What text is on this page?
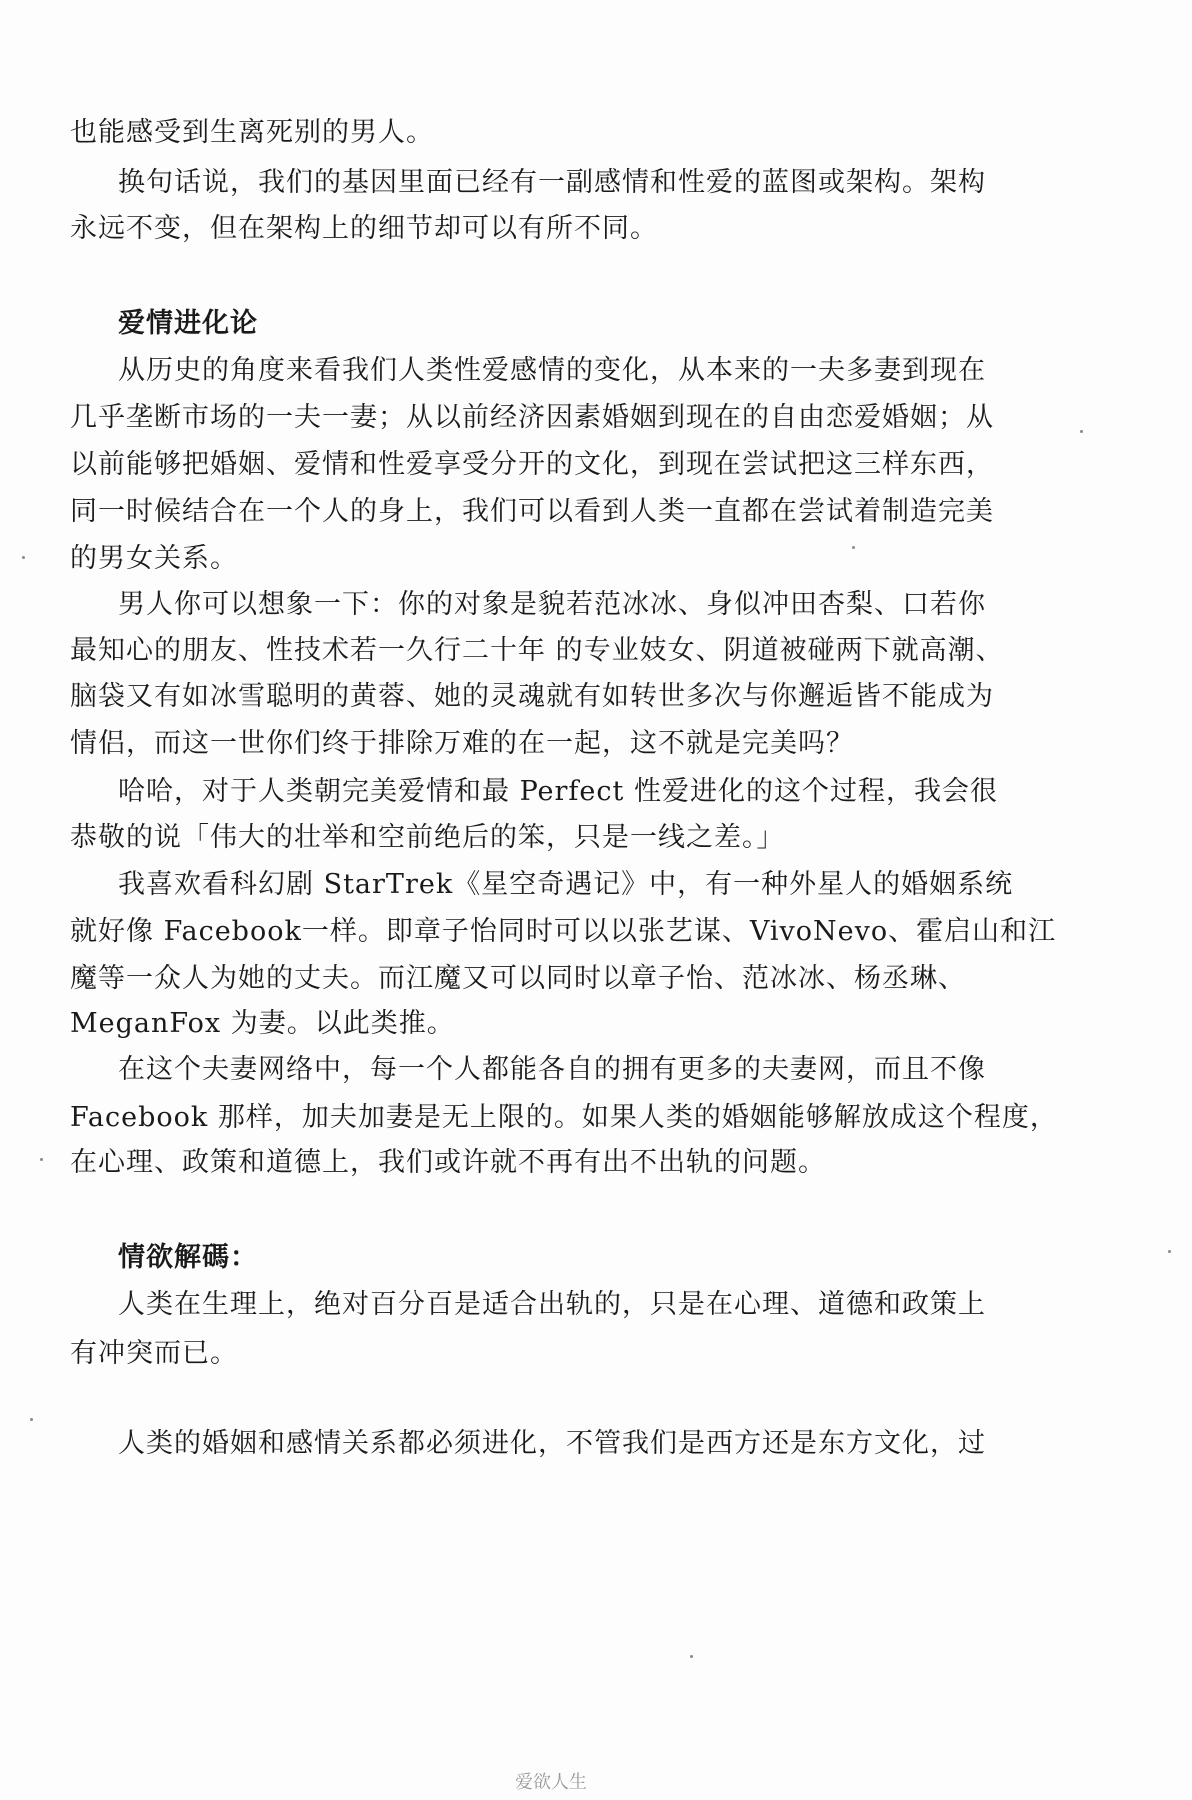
也能感受到生离死别的男人。
换句话说，我们的基因里面已经有一副感情和性爱的蓝图或架构。架构
永远不变，但在架构上的细节却可以有所不同。
爱情进化论
从历史的角度来看我们人类性爱感情的变化，从本来的一夫多妻到现在
几乎垄断市场的一夫一妻；从以前经济因素婚姻到现在的自由恋爱婚姻；从
以前能够把婚姻、爱情和性爱享受分开的文化，到现在尝试把这三样东西，
同一时候结合在一个人的身上，我们可以看到人类一直都在尝试着制造完美
的男女关系。
男人你可以想象一下：你的对象是貌若范冰冰、身似冲田杏梨、口若你
最知心的朋友、性技术若一久行二十年 的专业妓女、阴道被碰两下就高潮、
脑袋又有如冰雪聪明的黄蓉、她的灵魂就有如转世多次与你邂逅皆不能成为
情侣，而这一世你们终于排除万难的在一起，这不就是完美吗？
哈哈，对于人类朝完美爱情和最 Perfect 性爱进化的这个过程，我会很
恭敬的说「伟大的壮举和空前绝后的笨，只是一线之差。」
我喜欢看科幻剧 StarTrek《星空奇遇记》中，有一种外星人的婚姻系统
就好像 Facebook一样。即章子怡同时可以以张艺谋、VivoNevo、霍启山和江
魔等一众人为她的丈夫。而江魔又可以同时以章子怡、范冰冰、杨丞琳、
MeganFox 为妻。以此类推。
在这个夫妻网络中，每一个人都能各自的拥有更多的夫妻网，而且不像
Facebook 那样，加夫加妻是无上限的。如果人类的婚姻能够解放成这个程度，
在心理、政策和道德上，我们或许就不再有出不出轨的问题。
情欲解碼：
人类在生理上，绝对百分百是适合出轨的，只是在心理、道德和政策上
有冲突而已。
人类的婚姻和感情关系都必须进化，不管我们是西方还是东方文化，过
爱欲人生
